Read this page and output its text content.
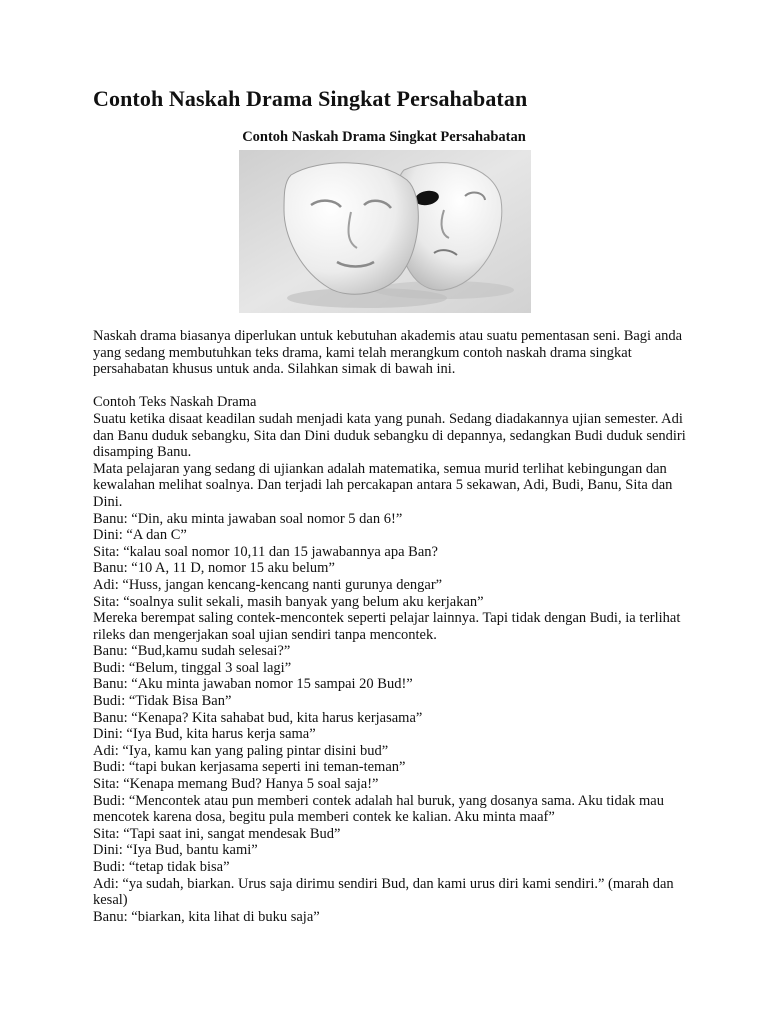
Contoh Naskah Drama Singkat Persahabatan
Contoh Naskah Drama Singkat Persahabatan

Naskah drama biasanya diperlukan untuk kebutuhan akademis atau suatu pementasan seni. Bagi anda yang sedang membutuhkan teks drama, kami telah merangkum contoh naskah drama singkat persahabatan khusus untuk anda. Silahkan simak di bawah ini.

Contoh Teks Naskah Drama
Suatu ketika disaat keadilan sudah menjadi kata yang punah. Sedang diadakannya ujian semester. Adi dan Banu duduk sebangku, Sita dan Dini duduk sebangku di depannya, sedangkan Budi duduk sendiri disamping Banu.
Mata pelajaran yang sedang di ujiankan adalah matematika, semua murid terlihat kebingungan dan kewalahan melihat soalnya. Dan terjadi lah percakapan antara 5 sekawan, Adi, Budi, Banu, Sita dan Dini.
Banu: “Din, aku minta jawaban soal nomor 5 dan 6!”
Dini: “A dan C”
Sita: “kalau soal nomor 10,11 dan 15 jawabannya apa Ban?
Banu: “10 A, 11 D, nomor 15 aku belum”
Adi: “Huss, jangan kencang-kencang nanti gurunya dengar”
Sita: “soalnya sulit sekali, masih banyak yang belum aku kerjakan”
Mereka berempat saling contek-mencontek seperti pelajar lainnya. Tapi tidak dengan Budi, ia terlihat rileks dan mengerjakan soal ujian sendiri tanpa mencontek.
Banu: “Bud,kamu sudah selesai?”
Budi: “Belum, tinggal 3 soal lagi”
Banu: “Aku minta jawaban nomor 15 sampai 20 Bud!”
Budi: “Tidak Bisa Ban”
Banu: “Kenapa? Kita sahabat bud, kita harus kerjasama”
Dini: “Iya Bud, kita harus kerja sama”
Adi: “Iya, kamu kan yang paling pintar disini bud”
Budi: “tapi bukan kerjasama seperti ini teman-teman”
Sita: “Kenapa memang Bud? Hanya 5 soal saja!”
Budi: “Mencontek atau pun memberi contek adalah hal buruk, yang dosanya sama. Aku tidak mau mencotek karena dosa, begitu pula memberi contek ke kalian. Aku minta maaf”
Sita: “Tapi saat ini, sangat mendesak Bud”
Dini: “Iya Bud, bantu kami”
Budi: “tetap tidak bisa”
Adi: “ya sudah, biarkan. Urus saja dirimu sendiri Bud, dan kami urus diri kami sendiri.” (marah dan kesal)
Banu: “biarkan, kita lihat di buku saja”
